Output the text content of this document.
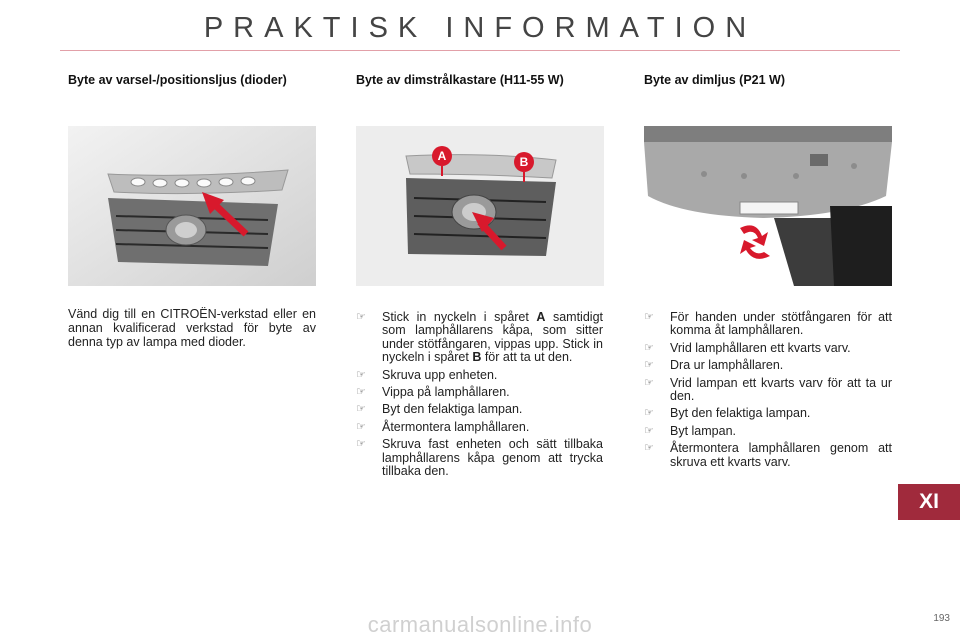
PRAKTISK INFORMATION
Byte av varsel-/positionsljus (dioder)
Vänd dig till en CITROËN-verkstad eller en annan kvalificerad verkstad för byte av denna typ av lampa med dioder.
Byte av dimstrålkastare (H11-55 W)
A	B
☞ Stick in nyckeln i spåret A samtidigt som lamphållarens kåpa, som sitter under stötfångaren, vippas upp. Stick in nyckeln i spåret B för att ta ut den.
☞ Skruva upp enheten.
☞ Vippa på lamphållaren.
☞ Byt den felaktiga lampan.
☞ Återmontera lamphållaren.
☞ Skruva fast enheten och sätt tillbaka lamphållarens kåpa genom att trycka tillbaka den.
Byte av dimljus (P21 W)
☞ För handen under stötfångaren för att komma åt lamphållaren.
☞ Vrid lamphållaren ett kvarts varv.
☞ Dra ur lamphållaren.
☞ Vrid lampan ett kvarts varv för att ta ur den.
☞ Byt den felaktiga lampan.
☞ Byt lampan.
☞ Återmontera lamphållaren genom att skruva ett kvarts varv.
XI
carmanualsonline.info	193
